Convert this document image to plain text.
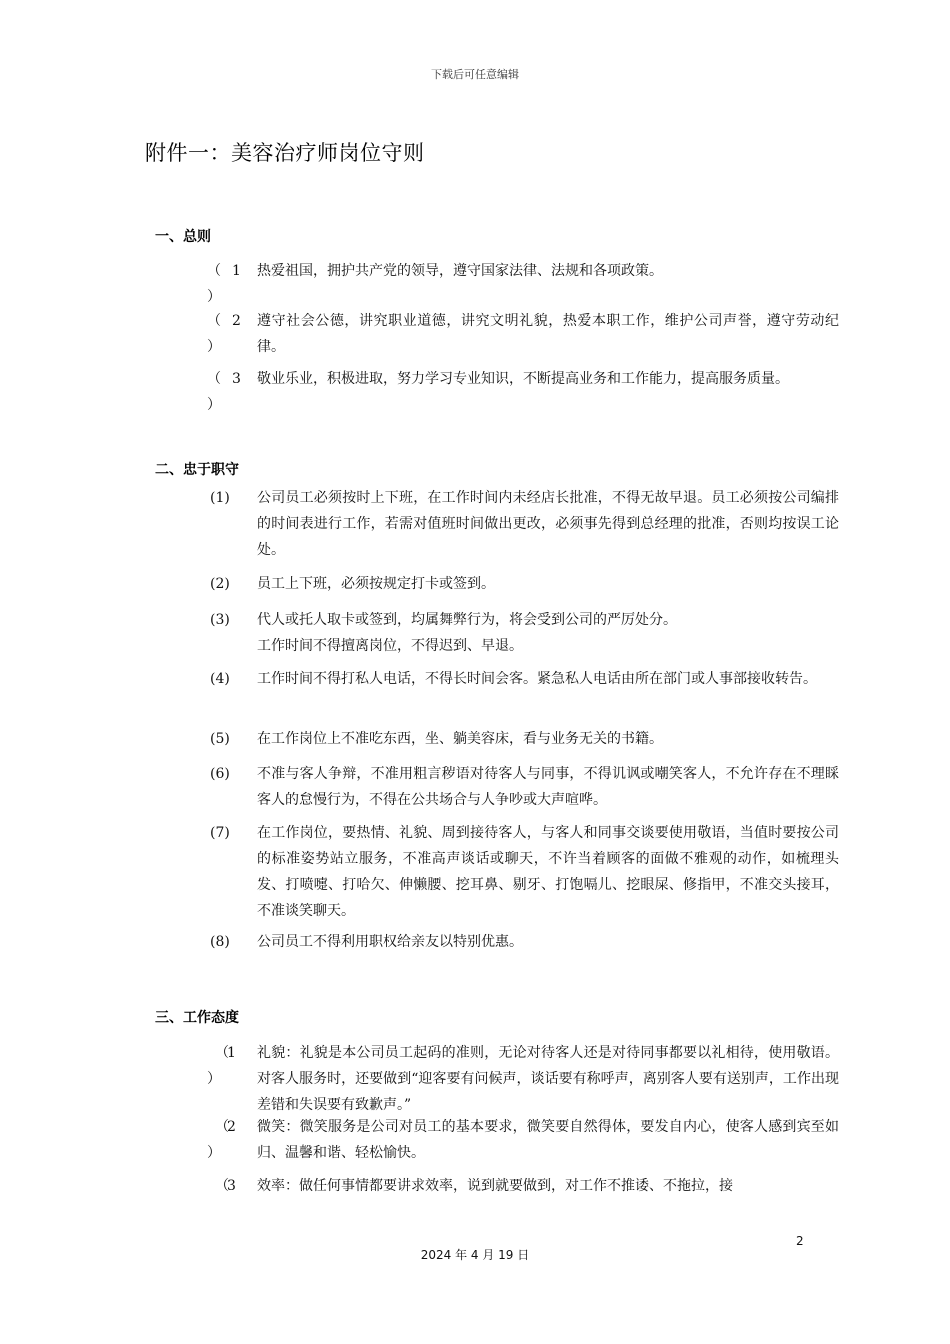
下载后可任意编辑
附件一：美容治疗师岗位守则
一、总则
（ 1
）

热爱祖国，拥护共产党的领导，遵守国家法律、法规和各项政策。

（ 2
）

遵守社会公德，讲究职业道德，讲究文明礼貌，热爱本职工作，维护公司声誉，遵守劳动纪律。

（ 3
）

敬业乐业，积极进取，努力学习专业知识，不断提高业务和工作能力，提高服务质量。

二、忠于职守
(1) 公司员工必须按时上下班，在工作时间内未经店长批准，不得无故早退。员工必须按公司编排的时间表进行工作，若需对值班时间做出更改，必须事先得到总经理的批准，否则均按误工论处。

(2) 员工上下班，必须按规定打卡或签到。

(3) 代人或托人取卡或签到，均属舞弊行为，将会受到公司的严厉处分。

工作时间不得擅离岗位，不得迟到、早退。

(4) 工作时间不得打私人电话，不得长时间会客。紧急私人电话由所在部门或人事部接收转告。

(5) 在工作岗位上不准吃东西，坐、躺美容床，看与业务无关的书籍。

(6) 不准与客人争辩，不准用粗言秽语对待客人与同事，不得讥讽或嘲笑客人，不允许存在不理睬客人的怠慢行为，不得在公共场合与人争吵或大声喧哗。

(7) 在工作岗位，要热情、礼貌、周到接待客人，与客人和同事交谈要使用敬语，当值时要按公司的标准姿势站立服务，不准高声谈话或聊天，不许当着顾客的面做不雅观的动作，如梳理头发、打喷嚏、打哈欠、伸懒腰、挖耳鼻、剔牙、打饱嗝儿、挖眼屎、修指甲，不准交头接耳，不准谈笑聊天。

(8) 公司员工不得利用职权给亲友以特别优惠。

三、工作态度
（
1
）

礼貌：礼貌是本公司员工起码的准则，无论对待客人还是对待同事都要以礼相待，使用敬语。对客人服务时，还要做到“迎客要有问候声，谈话要有称呼声，离别客人要有送别声，工作出现差错和失误要有致歉声。”

（
2
）

微笑：微笑服务是公司对员工的基本要求，微笑要自然得体，要发自内心，使客人感到宾至如归、温馨和谐、轻松愉快。

（
3 效率：做任何事情都要讲求效率，说到就要做到，对工作不推诿、不拖拉，接

2
2024 年 4 月 19 日
